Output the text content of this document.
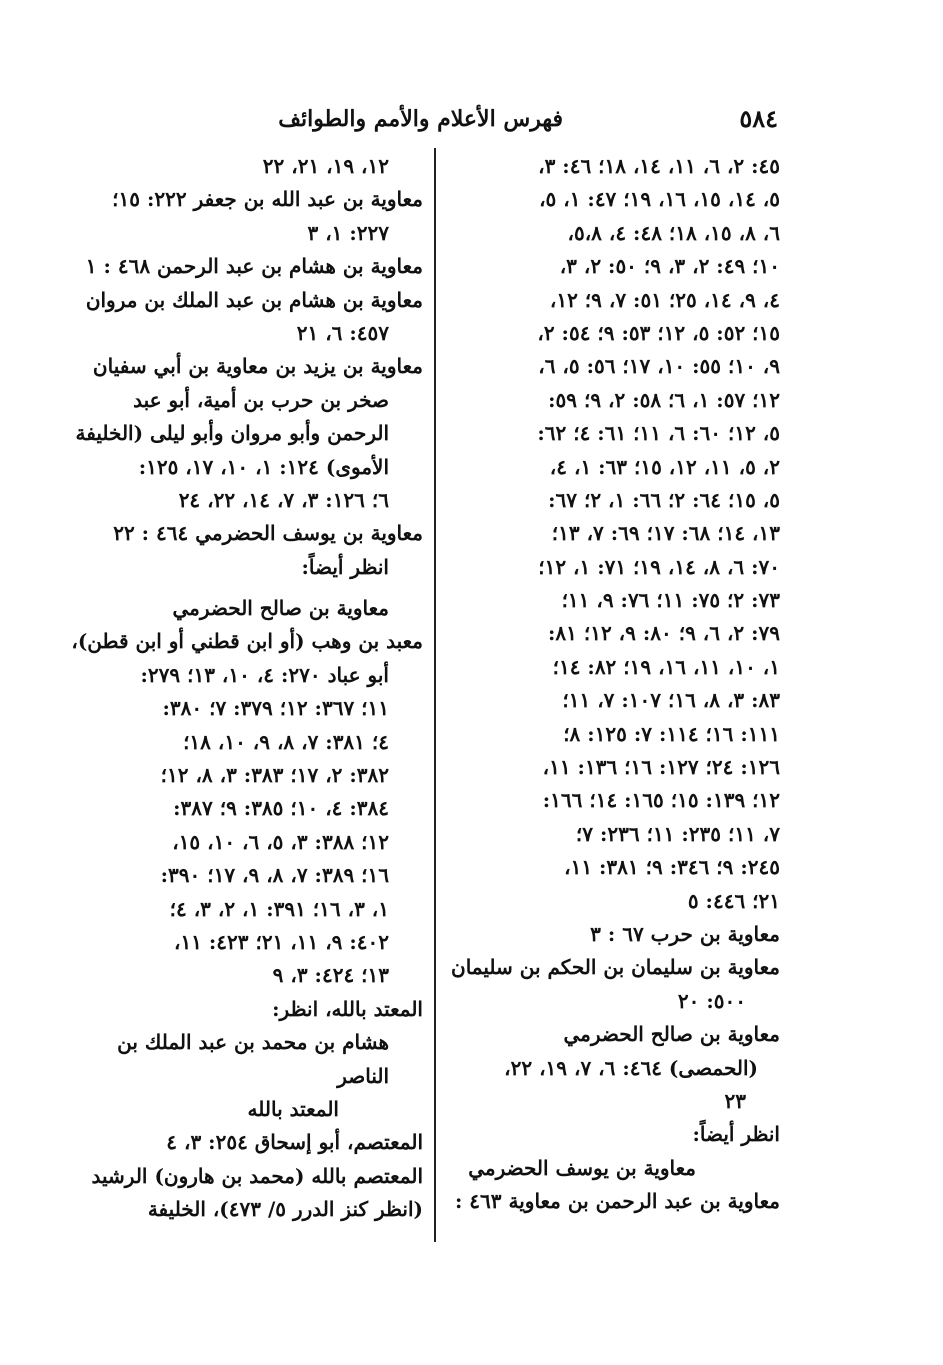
٥٨٤
فهرس الأعلام والأمم والطوائف
٤٥: ٢، ٦، ١١، ١٤، ١٨؛ ٤٦: ٣،
٥، ١٤، ١٥، ١٦، ١٩؛ ٤٧: ١، ٥،
٦، ٨، ١٥، ١٨؛ ٤٨: ٤، ٥،٨،
١٠؛ ٤٩: ٢، ٣، ٩؛ ٥٠: ٢، ٣،
٤، ٩، ١٤، ٢٥؛ ٥١: ٧، ٩؛ ١٢،
١٥؛ ٥٢: ٥، ١٢؛ ٥٣: ٩؛ ٥٤: ٢،
٩، ١٠؛ ٥٥: ١٠، ١٧؛ ٥٦: ٥، ٦،
١٢؛ ٥٧: ١، ٦؛ ٥٨: ٢، ٩؛ ٥٩:
٥، ١٢؛ ٦٠: ٦، ١١؛ ٦١: ٤؛ ٦٢:
٢، ٥، ١١، ١٢، ١٥؛ ٦٣: ١، ٤،
٥، ١٥؛ ٦٤: ٢؛ ٦٦: ١، ٢؛ ٦٧:
١٣، ١٤؛ ٦٨: ١٧؛ ٦٩: ٧، ١٣؛
٧٠: ٦، ٨، ١٤، ١٩؛ ٧١: ١، ١٢؛
٧٣: ٢؛ ٧٥: ١١؛ ٧٦: ٩، ١١؛
٧٩: ٢، ٦، ٩؛ ٨٠: ٩، ١٢؛ ٨١:
١، ١٠، ١١، ١٦، ١٩؛ ٨٢: ١٤؛
٨٣: ٣، ٨، ١٦؛ ١٠٧: ٧، ١١؛
١١١: ١٦؛ ١١٤: ٧: ١٢٥: ٨؛
١٢٦: ٢٤؛ ١٢٧: ١٦؛ ١٣٦: ١١،
١٢؛ ١٣٩: ١٥؛ ١٦٥: ١٤؛ ١٦٦:
٧، ١١؛ ٢٣٥: ١١؛ ٢٣٦: ٧؛
٢٤٥: ٩؛ ٣٤٦: ٩؛ ٣٨١: ١١،
٢١؛ ٤٤٦: ٥
معاوية بن حرب ٦٧ : ٣
معاوية بن سليمان بن الحكم بن سليمان
٥٠٠: ٢٠
معاوية بن صالح الحضرمي
(الحمصى) ٤٦٤: ٦، ٧، ١٩، ٢٢،
٢٣
انظر أيضاً:
معاوية بن يوسف الحضرمي
معاوية بن عبد الرحمن بن معاوية ٤٦٣ :
١٢، ١٩، ٢١، ٢٢
معاوية بن عبد الله بن جعفر ٢٢٢: ١٥؛
٢٢٧: ١، ٣
معاوية بن هشام بن عبد الرحمن ٤٦٨ : ١
معاوية بن هشام بن عبد الملك بن مروان
٤٥٧: ٦، ٢١
معاوية بن يزيد بن معاوية بن أبي سفيان
صخر بن حرب بن أمية، أبو عبد
الرحمن وأبو مروان وأبو ليلى (الخليفة
الأموى) ١٢٤: ١، ١٠، ١٧، ١٢٥:
٦؛ ١٢٦: ٣، ٧، ١٤، ٢٢، ٢٤
معاوية بن يوسف الحضرمي ٤٦٤ : ٢٢
انظر أيضاً:
معاوية بن صالح الحضرمي
معبد بن وهب (أو ابن قطني أو ابن قطن)،
أبو عباد ٢٧٠: ٤، ١٠، ١٣؛ ٢٧٩:
١١؛ ٣٦٧: ١٢؛ ٣٧٩: ٧؛ ٣٨٠:
٤؛ ٣٨١: ٧، ٨، ٩، ١٠، ١٨؛
٣٨٢: ٢، ١٧؛ ٣٨٣: ٣، ٨، ١٢؛
٣٨٤: ٤، ١٠؛ ٣٨٥: ٩؛ ٣٨٧:
١٢؛ ٣٨٨: ٣، ٥، ٦، ١٠، ١٥،
١٦؛ ٣٨٩: ٧، ٨، ٩، ١٧؛ ٣٩٠:
١، ٣، ١٦؛ ٣٩١: ١، ٢، ٣، ٤؛
٤٠٢: ٩، ١١، ٢١؛ ٤٢٣: ١١،
١٣؛ ٤٢٤: ٣، ٩
المعتد بالله، انظر:
هشام بن محمد بن عبد الملك بن
الناصر
المعتد بالله
المعتصم، أبو إسحاق ٢٥٤: ٣، ٤
المعتصم بالله (محمد بن هارون) الرشيد
(انظر كنز الدرر ٥/ ٤٧٣)، الخليفة
